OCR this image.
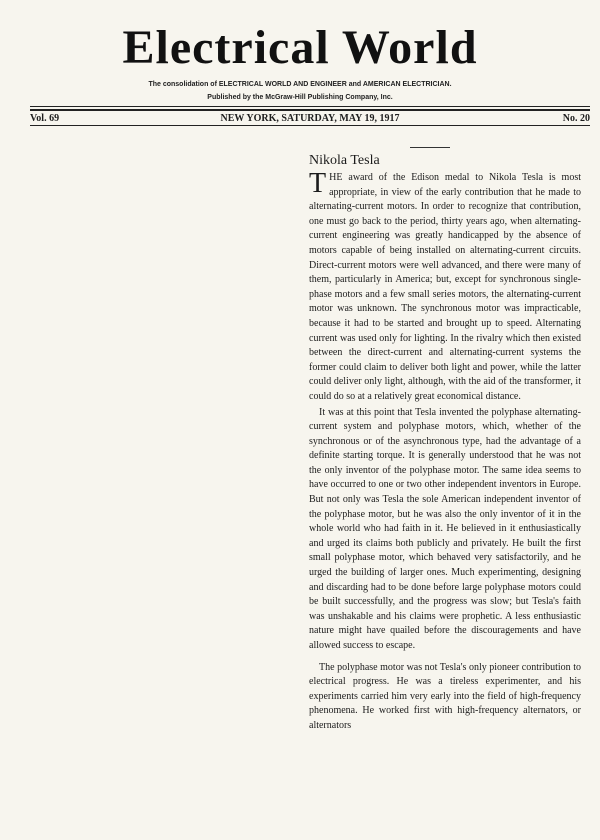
Electrical World
The consolidation of ELECTRICAL WORLD AND ENGINEER and AMERICAN ELECTRICIAN.
Published by the McGraw-Hill Publishing Company, Inc.
Vol. 69	NEW YORK, SATURDAY, MAY 19, 1917	No. 20
Nikola Tesla

THE award of the Edison medal to Nikola Tesla is most appropriate, in view of the early contribution that he made to alternating-current motors. In order to recognize that contribution, one must go back to the period, thirty years ago, when alternating-current engineering was greatly handicapped by the absence of motors capable of being installed on alternating-current circuits. Direct-current motors were well advanced, and there were many of them, particularly in America; but, except for synchronous single-phase motors and a few small series motors, the alternating-current motor was unknown. The synchronous motor was impracticable, because it had to be started and brought up to speed. Alternating current was used only for lighting. In the rivalry which then existed between the direct-current and alternating-current systems the former could claim to deliver both light and power, while the latter could deliver only light, although, with the aid of the transformer, it could do so at a relatively great economical distance.

It was at this point that Tesla invented the polyphase alternating-current system and polyphase motors, which, whether of the synchronous or of the asynchronous type, had the advantage of a definite starting torque. It is generally understood that he was not the only inventor of the polyphase motor. The same idea seems to have occurred to one or two other independent inventors in Europe. But not only was Tesla the sole American independent inventor of the polyphase motor, but he was also the only inventor of it in the whole world who had faith in it. He believed in it enthusiastically and urged its claims both publicly and privately. He built the first small polyphase motor, which behaved very satisfactorily, and he urged the building of larger ones. Much experimenting, designing and discarding had to be done before large polyphase motors could be built successfully, and the progress was slow; but Tesla's faith was unshakable and his claims were prophetic. A less enthusiastic nature might have quailed before the discouragements and have allowed success to escape.

The polyphase motor was not Tesla's only pioneer contribution to electrical progress. He was a tireless experimenter, and his experiments carried him very early into the field of high-frequency phenomena. He worked first with high-frequency alternators, or alternators
